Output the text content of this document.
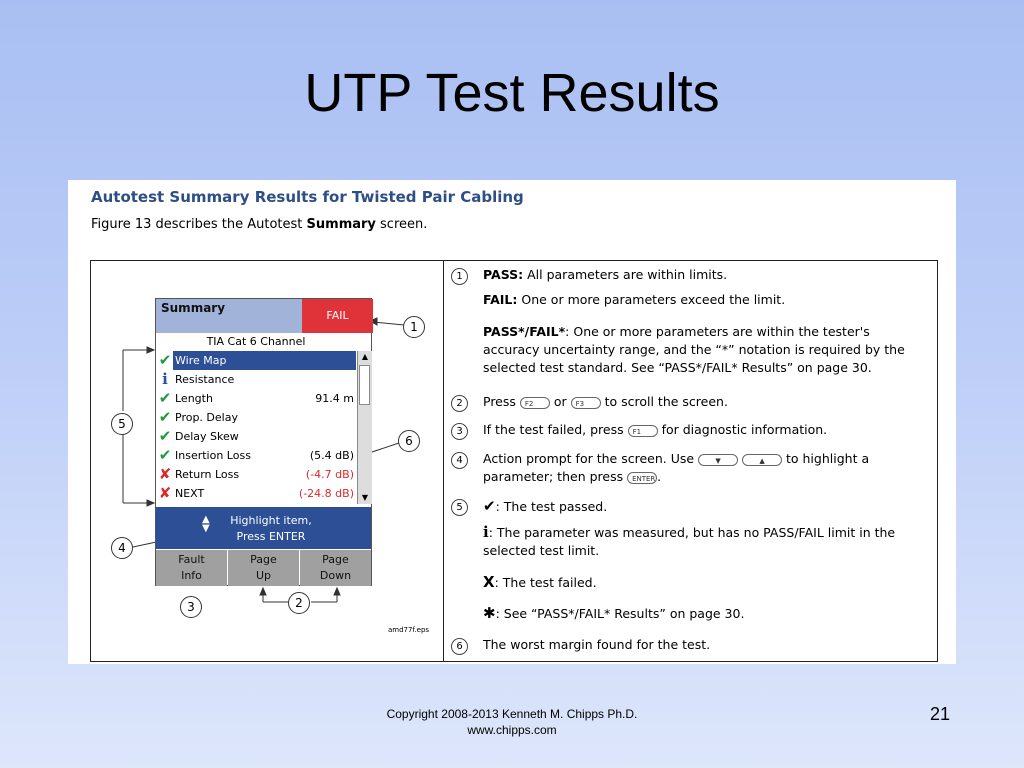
UTP Test Results
Autotest Summary Results for Twisted Pair Cabling
Figure 13 describes the Autotest Summary screen.
Summary
FAIL
TIA Cat 6 Channel
✔ Wire Map
i Resistance
✔ Length	91.4 m
✔ Prop. Delay
✔ Delay Skew
✔ Insertion Loss	(5.4 dB)
✘ Return Loss	(-4.7 dB)
✘ NEXT	(-24.8 dB)
▲
▼
▲
▼
Highlight item,
Press ENTER
Fault
Info
Page
Up
Page
Down
1
2
3
4
5
6
amd77f.eps
1	PASS: All parameters are within limits.
FAIL: One or more parameters exceed the limit.
PASS*/FAIL*: One or more parameters are within the tester's accuracy uncertainty range, and the “*” notation is required by the selected test standard. See “PASS*/FAIL* Results” on page 30.
2	Press F2 or F3 to scroll the screen.
3	If the test failed, press F1 for diagnostic information.
4	Action prompt for the screen. Use ▼	▲ to highlight a parameter; then press ENTER .
5	✔: The test passed.
i: The parameter was measured, but has no PASS/FAIL limit in the selected test limit.
X: The test failed.
✱: See “PASS*/FAIL* Results” on page 30.
6	The worst margin found for the test.
Copyright 2008-2013 Kenneth M. Chipps Ph.D.
www.chipps.com
21
